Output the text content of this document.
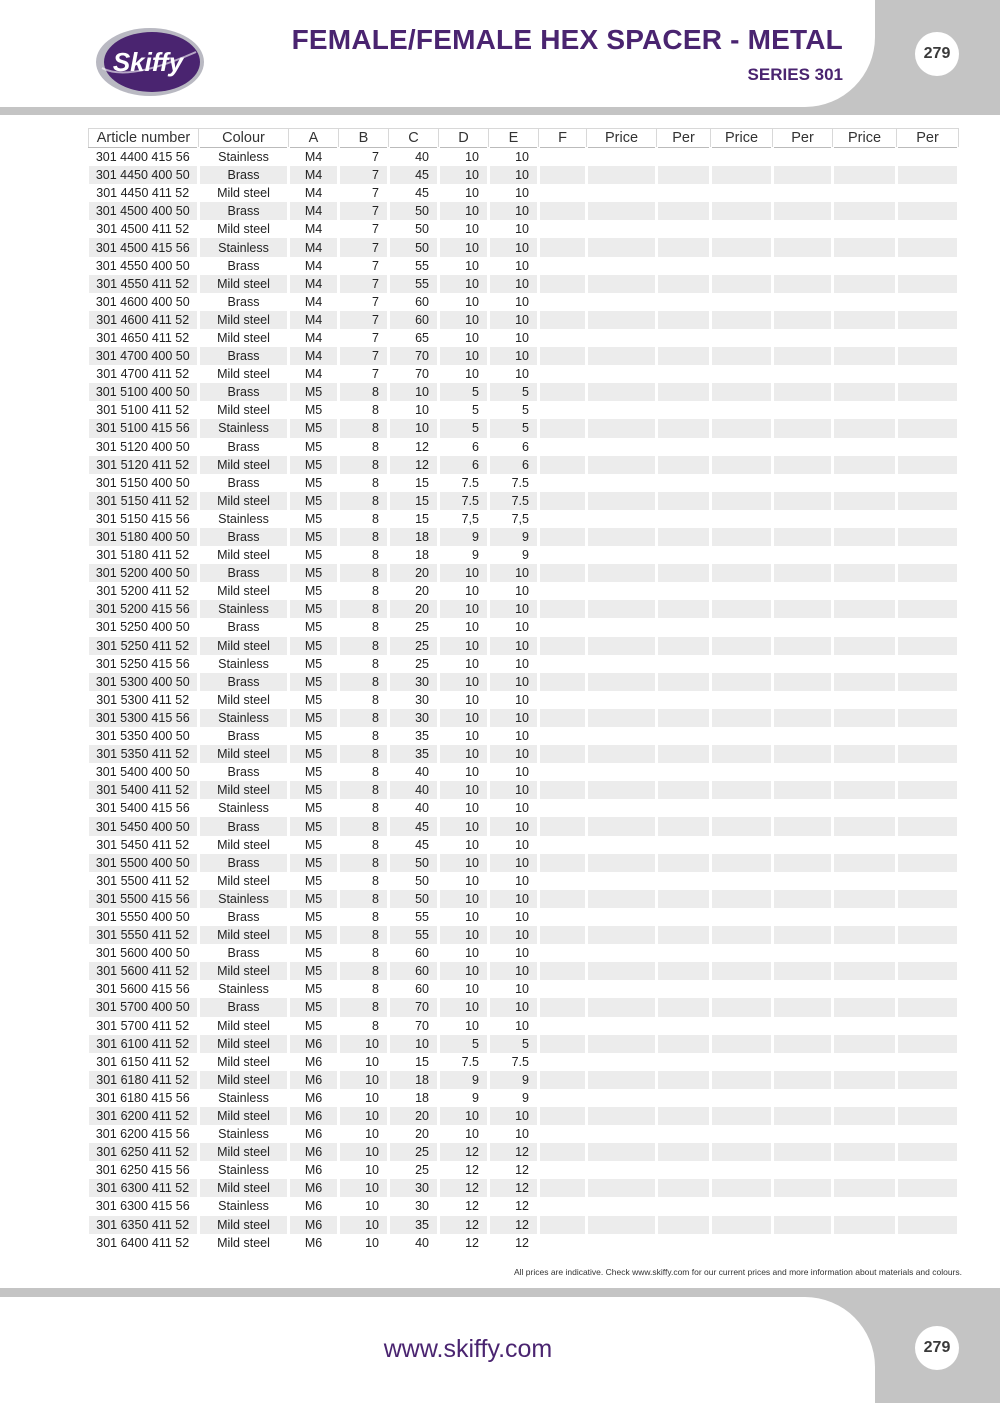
Skiffy
FEMALE/FEMALE HEX SPACER - METAL
SERIES 301
279
Article number	Colour	A	B	C	D	E	F	Price	Per	Price	Per	Price	Per
301 4400 415 56	Stainless	M4	7	40	10	10							
301 4450 400 50	Brass	M4	7	45	10	10							
301 4450 411 52	Mild steel	M4	7	45	10	10							
301 4500 400 50	Brass	M4	7	50	10	10							
301 4500 411 52	Mild steel	M4	7	50	10	10							
301 4500 415 56	Stainless	M4	7	50	10	10							
301 4550 400 50	Brass	M4	7	55	10	10							
301 4550 411 52	Mild steel	M4	7	55	10	10							
301 4600 400 50	Brass	M4	7	60	10	10							
301 4600 411 52	Mild steel	M4	7	60	10	10							
301 4650 411 52	Mild steel	M4	7	65	10	10							
301 4700 400 50	Brass	M4	7	70	10	10							
301 4700 411 52	Mild steel	M4	7	70	10	10							
301 5100 400 50	Brass	M5	8	10	5	5							
301 5100 411 52	Mild steel	M5	8	10	5	5							
301 5100 415 56	Stainless	M5	8	10	5	5							
301 5120 400 50	Brass	M5	8	12	6	6							
301 5120 411 52	Mild steel	M5	8	12	6	6							
301 5150 400 50	Brass	M5	8	15	7.5	7.5							
301 5150 411 52	Mild steel	M5	8	15	7.5	7.5							
301 5150 415 56	Stainless	M5	8	15	7,5	7,5							
301 5180 400 50	Brass	M5	8	18	9	9							
301 5180 411 52	Mild steel	M5	8	18	9	9							
301 5200 400 50	Brass	M5	8	20	10	10							
301 5200 411 52	Mild steel	M5	8	20	10	10							
301 5200 415 56	Stainless	M5	8	20	10	10							
301 5250 400 50	Brass	M5	8	25	10	10							
301 5250 411 52	Mild steel	M5	8	25	10	10							
301 5250 415 56	Stainless	M5	8	25	10	10							
301 5300 400 50	Brass	M5	8	30	10	10							
301 5300 411 52	Mild steel	M5	8	30	10	10							
301 5300 415 56	Stainless	M5	8	30	10	10							
301 5350 400 50	Brass	M5	8	35	10	10							
301 5350 411 52	Mild steel	M5	8	35	10	10							
301 5400 400 50	Brass	M5	8	40	10	10							
301 5400 411 52	Mild steel	M5	8	40	10	10							
301 5400 415 56	Stainless	M5	8	40	10	10							
301 5450 400 50	Brass	M5	8	45	10	10							
301 5450 411 52	Mild steel	M5	8	45	10	10							
301 5500 400 50	Brass	M5	8	50	10	10							
301 5500 411 52	Mild steel	M5	8	50	10	10							
301 5500 415 56	Stainless	M5	8	50	10	10							
301 5550 400 50	Brass	M5	8	55	10	10							
301 5550 411 52	Mild steel	M5	8	55	10	10							
301 5600 400 50	Brass	M5	8	60	10	10							
301 5600 411 52	Mild steel	M5	8	60	10	10							
301 5600 415 56	Stainless	M5	8	60	10	10							
301 5700 400 50	Brass	M5	8	70	10	10							
301 5700 411 52	Mild steel	M5	8	70	10	10							
301 6100 411 52	Mild steel	M6	10	10	5	5							
301 6150 411 52	Mild steel	M6	10	15	7.5	7.5							
301 6180 411 52	Mild steel	M6	10	18	9	9							
301 6180 415 56	Stainless	M6	10	18	9	9							
301 6200 411 52	Mild steel	M6	10	20	10	10							
301 6200 415 56	Stainless	M6	10	20	10	10							
301 6250 411 52	Mild steel	M6	10	25	12	12							
301 6250 415 56	Stainless	M6	10	25	12	12							
301 6300 411 52	Mild steel	M6	10	30	12	12							
301 6300 415 56	Stainless	M6	10	30	12	12							
301 6350 411 52	Mild steel	M6	10	35	12	12							
301 6400 411 52	Mild steel	M6	10	40	12	12							
All prices are indicative. Check www.skiffy.com for our current prices and more information about materials and colours.
www.skiffy.com	279
